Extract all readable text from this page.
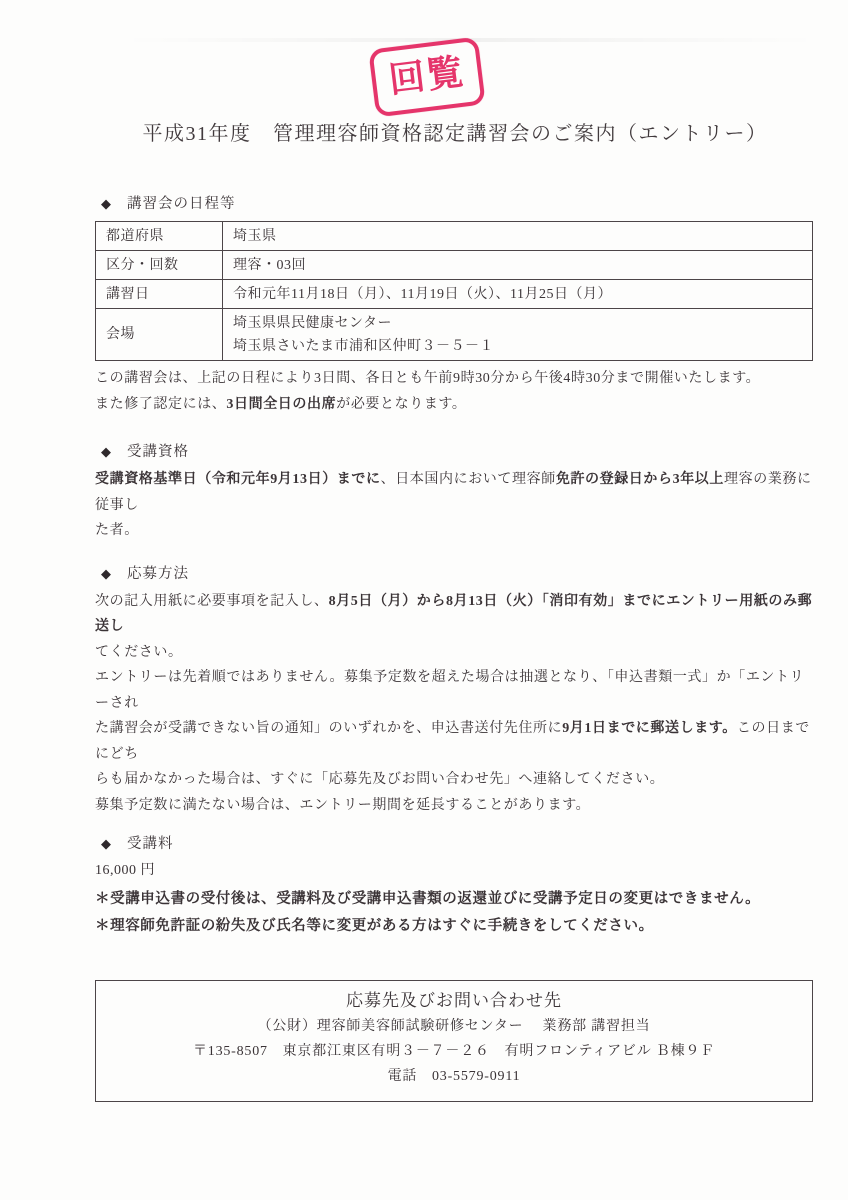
回覧
平成31年度　管理理容師資格認定講習会のご案内（エントリー）
◆ 講習会の日程等
都道府県	埼玉県

区分・回数	理容・03回

講習日	令和元年11月18日（月）、11月19日（火）、11月25日（月）

会場	埼玉県県民健康センター
埼玉県さいたま市浦和区仲町３－５－１
この講習会は、上記の日程により3日間、各日とも午前9時30分から午後4時30分まで開催いたします。
また修了認定には、3日間全日の出席が必要となります。
◆ 受講資格
受講資格基準日（令和元年9月13日）までに、日本国内において理容師免許の登録日から3年以上理容の業務に従事し
た者。
◆ 応募方法
次の記入用紙に必要事項を記入し、8月5日（月）から8月13日（火）「消印有効」までにエントリー用紙のみ郵送し
てください。
エントリーは先着順ではありません。募集予定数を超えた場合は抽選となり、「申込書類一式」か「エントリーされ
た講習会が受講できない旨の通知」のいずれかを、申込書送付先住所に9月1日までに郵送します。この日までにどち
らも届かなかった場合は、すぐに「応募先及びお問い合わせ先」へ連絡してください。
募集予定数に満たない場合は、エントリー期間を延長することがあります。
◆ 受講料
16,000 円
＊受講申込書の受付後は、受講料及び受講申込書類の返還並びに受講予定日の変更はできません。
＊理容師免許証の紛失及び氏名等に変更がある方はすぐに手続きをしてください。
応募先及びお問い合わせ先
（公財）理容師美容師試験研修センター　 業務部 講習担当
〒135-8507　東京都江東区有明３－７－２６　有明フロンティアビル Ｂ棟９Ｆ
電話　03-5579-0911
